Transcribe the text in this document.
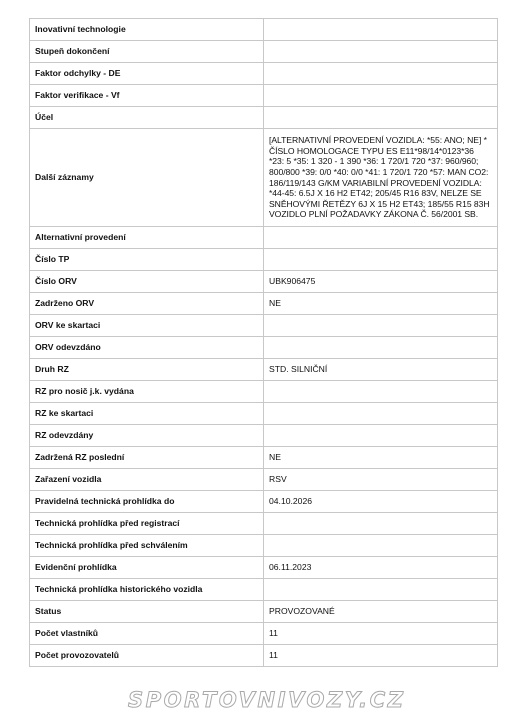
Inovativní technologie	
Stupeň dokončení	
Faktor odchylky - DE	
Faktor verifikace - Vf	
Účel	
Další záznamy	[ALTERNATIVNÍ PROVEDENÍ VOZIDLA: *55: ANO; NE] * ČÍSLO HOMOLOGACE TYPU ES E11*98/14*0123*36 *23: 5 *35: 1 320 - 1 390 *36: 1 720/1 720 *37: 960/960; 800/800 *39: 0/0 *40: 0/0 *41: 1 720/1 720 *57: MAN CO2: 186/119/143 G/KM VARIABILNÍ PROVEDENÍ VOZIDLA: *44-45: 6.5J X 16 H2 ET42; 205/45 R16 83V, NELZE SE SNĚHOVÝMI ŘETĚZY 6J X 15 H2 ET43; 185/55 R15 83H VOZIDLO PLNÍ POŽADAVKY ZÁKONA Č. 56/2001 SB.
Alternativní provedení	
Číslo TP	
Číslo ORV	UBK906475
Zadrženo ORV	NE
ORV ke skartaci	
ORV odevzdáno	
Druh RZ	STD. SILNIČNÍ
RZ pro nosič j.k. vydána	
RZ ke skartaci	
RZ odevzdány	
Zadržená RZ poslední	NE
Zařazení vozidla	RSV
Pravidelná technická prohlídka do	04.10.2026
Technická prohlídka před registrací	
Technická prohlídka před schválením	
Evidenční prohlídka	06.11.2023
Technická prohlídka historického vozidla	
Status	PROVOZOVANÉ
Počet vlastníků	11
Počet provozovatelů	11
SPORTOVNIVOZY.CZ
